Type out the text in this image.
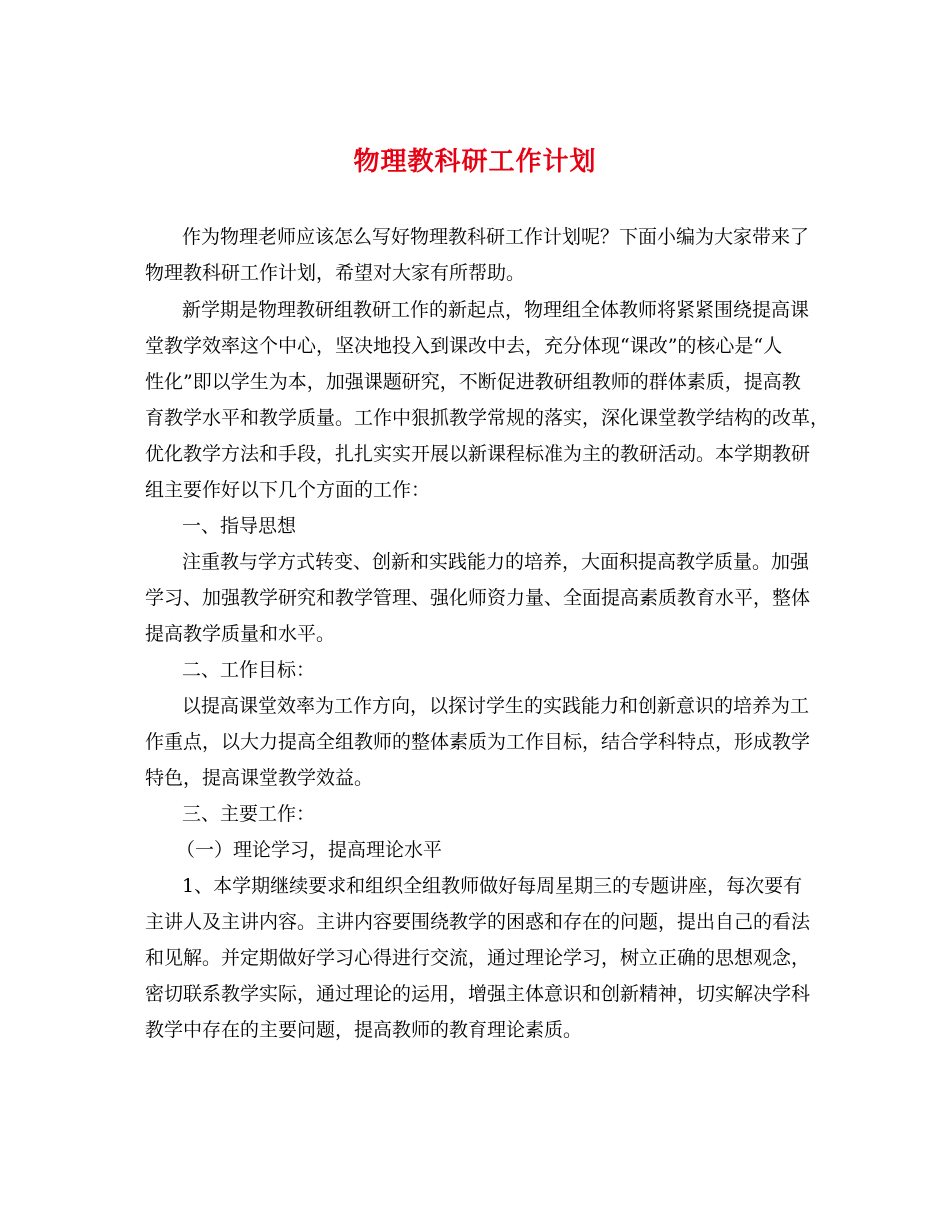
物理教科研工作计划
作为物理老师应该怎么写好物理教科研工作计划呢？下面小编为大家带来了
物理教科研工作计划，希望对大家有所帮助。
新学期是物理教研组教研工作的新起点，物理组全体教师将紧紧围绕提高课
堂教学效率这个中心，坚决地投入到课改中去，充分体现“课改”的核心是“人
性化”即以学生为本，加强课题研究，不断促进教研组教师的群体素质，提高教
育教学水平和教学质量。工作中狠抓教学常规的落实，深化课堂教学结构的改革，
优化教学方法和手段，扎扎实实开展以新课程标准为主的教研活动。本学期教研
组主要作好以下几个方面的工作：
一、指导思想
注重教与学方式转变、创新和实践能力的培养，大面积提高教学质量。加强
学习、加强教学研究和教学管理、强化师资力量、全面提高素质教育水平，整体
提高教学质量和水平。
二、工作目标：
以提高课堂效率为工作方向，以探讨学生的实践能力和创新意识的培养为工
作重点，以大力提高全组教师的整体素质为工作目标，结合学科特点，形成教学
特色，提高课堂教学效益。
三、主要工作：
（一）理论学习，提高理论水平
1、本学期继续要求和组织全组教师做好每周星期三的专题讲座，每次要有
主讲人及主讲内容。主讲内容要围绕教学的困惑和存在的问题，提出自己的看法
和见解。并定期做好学习心得进行交流，通过理论学习，树立正确的思想观念，
密切联系教学实际，通过理论的运用，增强主体意识和创新精神，切实解决学科
教学中存在的主要问题，提高教师的教育理论素质。
